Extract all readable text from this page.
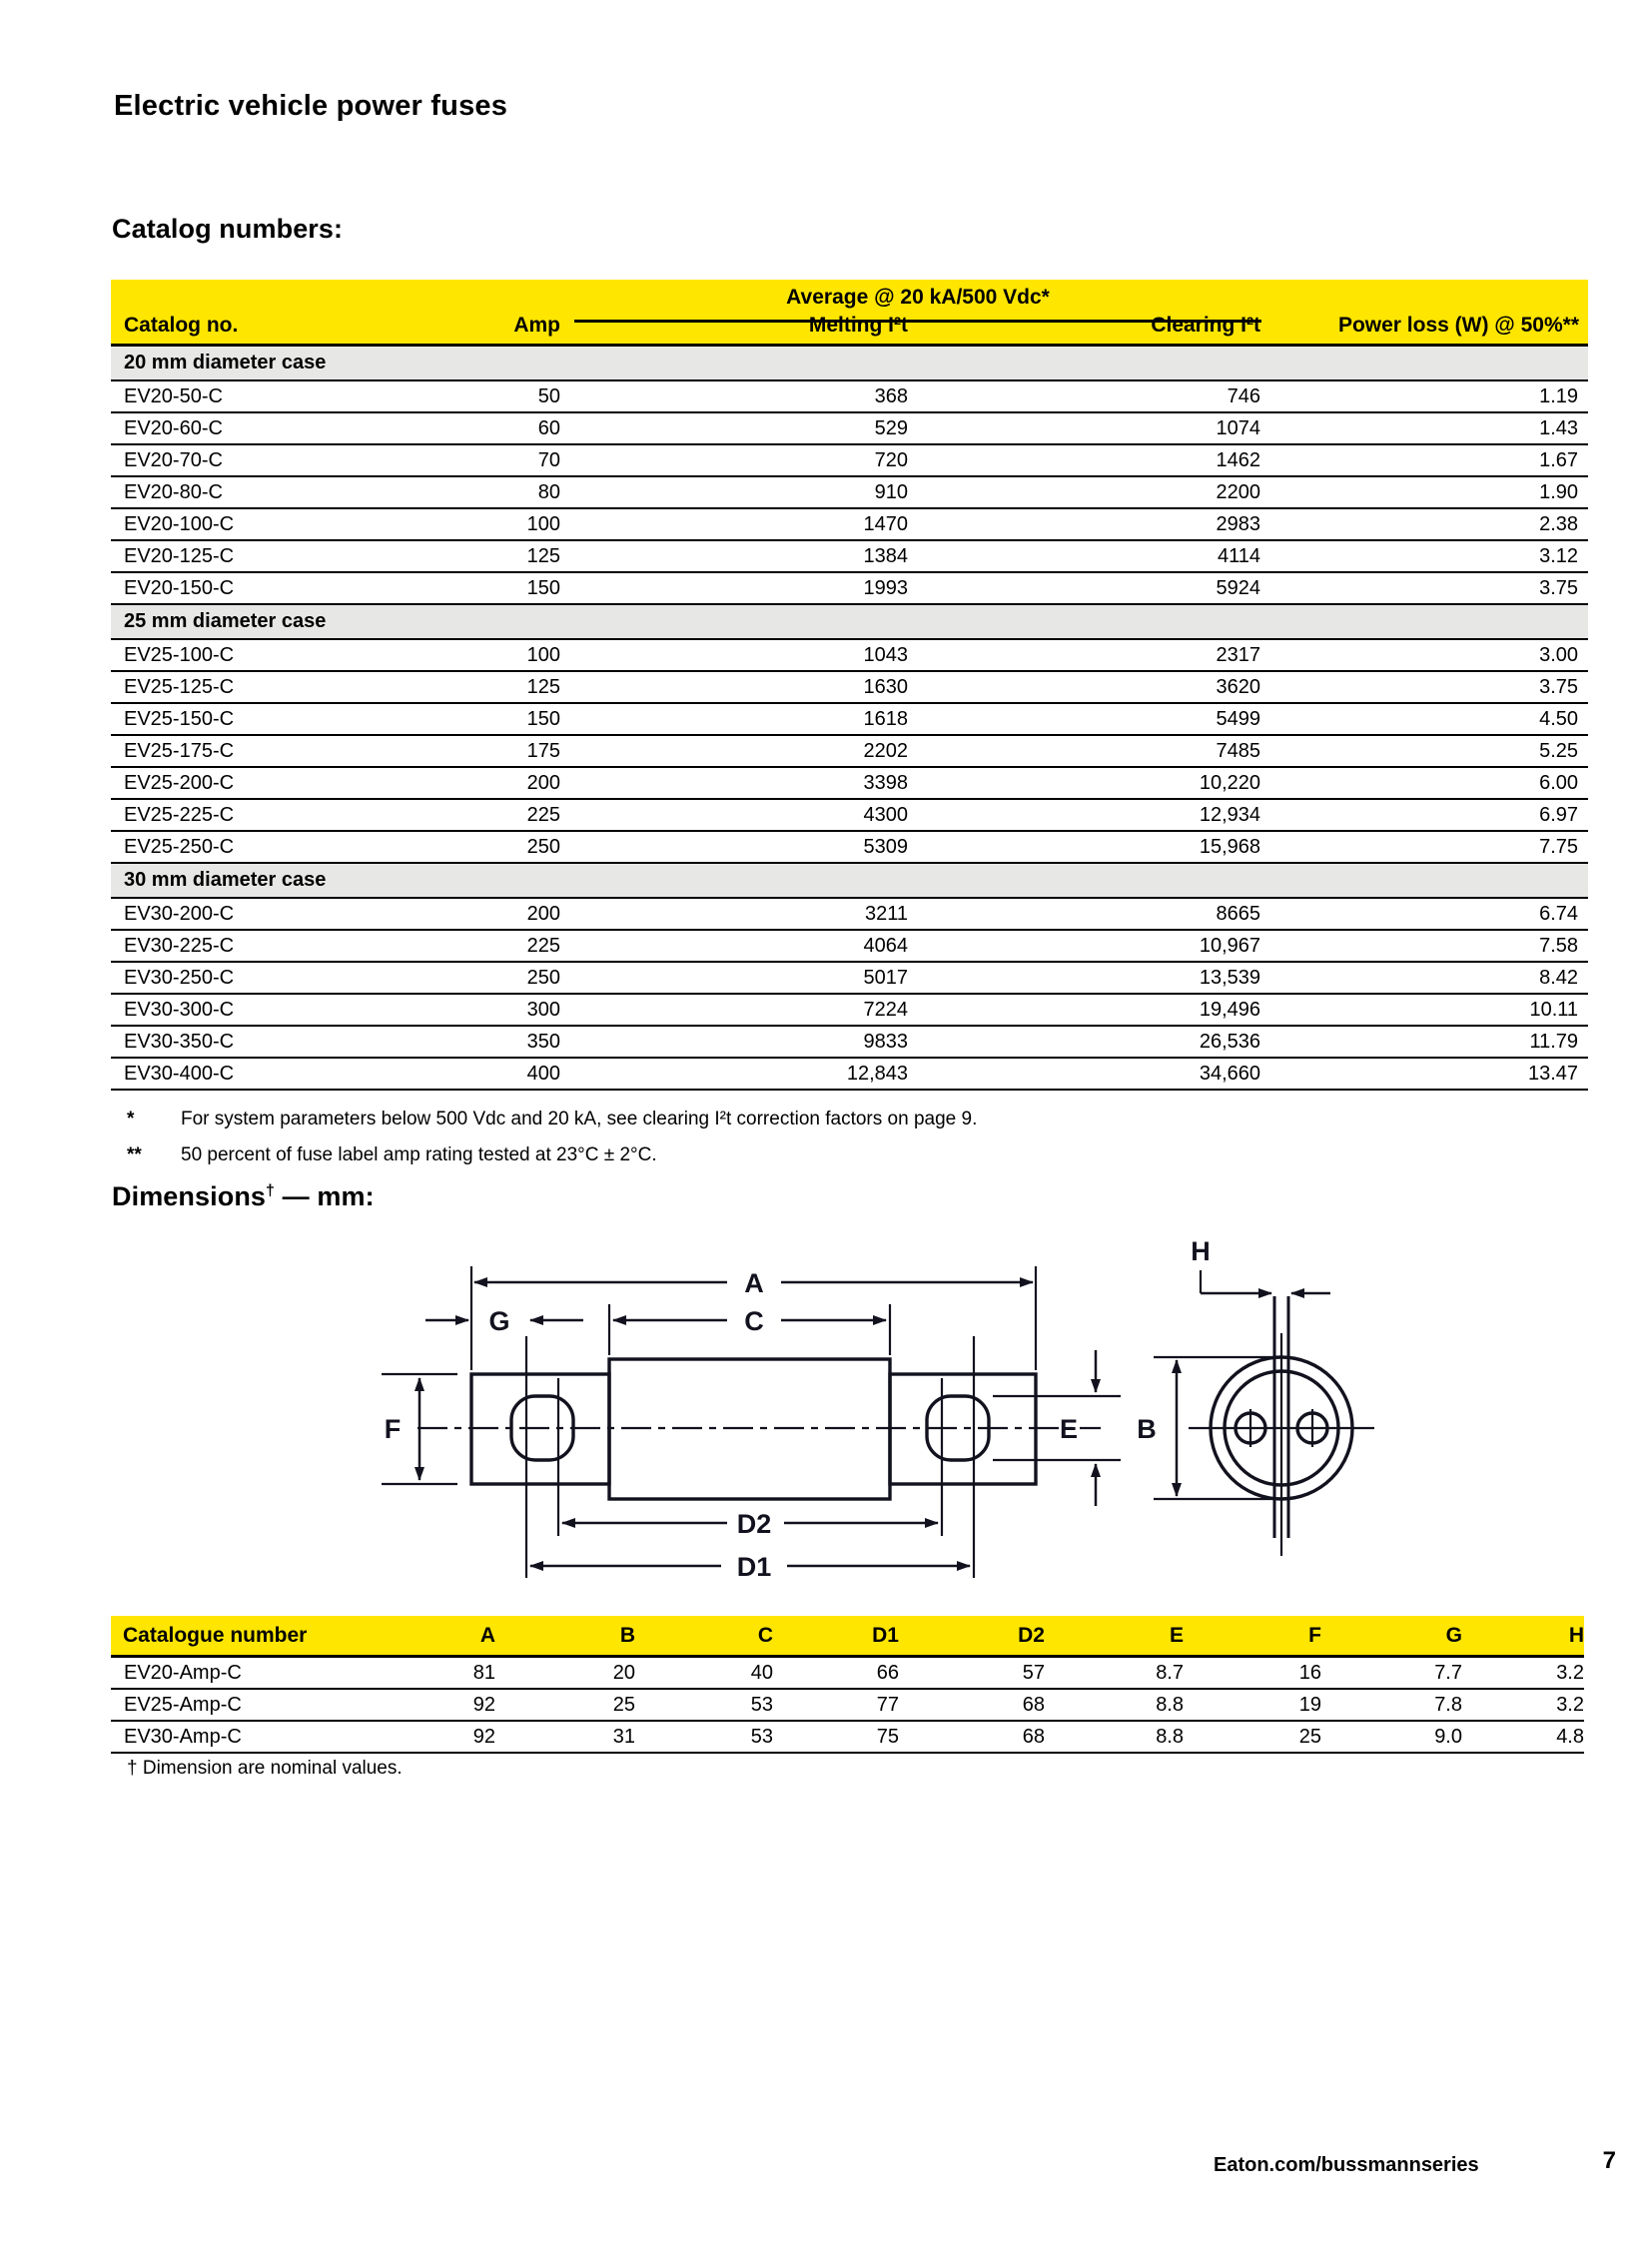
Electric vehicle power fuses
Catalog numbers:
Average @ 20 kA/500 Vdc*
Catalog no.	Amp	Melting I²t	Clearing I²t	Power loss (W) @ 50%**
20 mm diameter case				
EV20-50-C	50	368	746	1.19
EV20-60-C	60	529	1074	1.43
EV20-70-C	70	720	1462	1.67
EV20-80-C	80	910	2200	1.90
EV20-100-C	100	1470	2983	2.38
EV20-125-C	125	1384	4114	3.12
EV20-150-C	150	1993	5924	3.75
25 mm diameter case				
EV25-100-C	100	1043	2317	3.00
EV25-125-C	125	1630	3620	3.75
EV25-150-C	150	1618	5499	4.50
EV25-175-C	175	2202	7485	5.25
EV25-200-C	200	3398	10,220	6.00
EV25-225-C	225	4300	12,934	6.97
EV25-250-C	250	5309	15,968	7.75
30 mm diameter case				
EV30-200-C	200	3211	8665	6.74
EV30-225-C	225	4064	10,967	7.58
EV30-250-C	250	5017	13,539	8.42
EV30-300-C	300	7224	19,496	10.11
EV30-350-C	350	9833	26,536	11.79
EV30-400-C	400	12,843	34,660	13.47
* For system parameters below 500 Vdc and 20 kA, see clearing I²t correction factors on page 9.
** 50 percent of fuse label amp rating tested at 23°C ± 2°C.
Dimensions† — mm:
A
C
G
F	E
D2
D1
H
B
Catalogue number	A	B	C	D1	D2	E	F	G	H
EV20-Amp-C	81	20	40	66	57	8.7	16	7.7	3.2
EV25-Amp-C	92	25	53	77	68	8.8	19	7.8	3.2
EV30-Amp-C	92	31	53	75	68	8.8	25	9.0	4.8
† Dimension are nominal values.
Eaton.com/bussmannseries	7
